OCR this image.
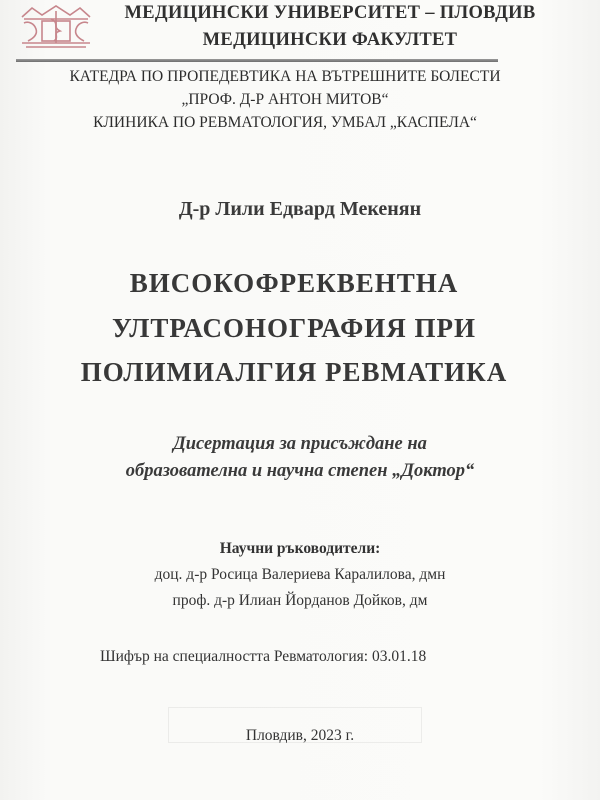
МЕДИЦИНСКИ УНИВЕРСИТЕТ – ПЛОВДИВ
МЕДИЦИНСКИ ФАКУЛТЕТ
КАТЕДРА ПО ПРОПЕДЕВТИКА НА ВЪТРЕШНИТЕ БОЛЕСТИ
„ПРОФ. Д-Р АНТОН МИТОВ“
КЛИНИКА ПО РЕВМАТОЛОГИЯ, УМБАЛ „КАСПЕЛА“
Д-р Лили Едвард Мекенян
ВИСОКОФРЕКВЕНТНА
УЛТРАСОНОГРАФИЯ ПРИ
ПОЛИМИАЛГИЯ РЕВМАТИКА
Дисертация за присъждане на
образователна и научна степен „Доктор“
Научни ръководители:
доц. д-р Росица Валериева Каралилова, дмн
проф. д-р Илиан Йорданов Дойков, дм
Шифър на специалността Ревматология: 03.01.18
Пловдив, 2023 г.
